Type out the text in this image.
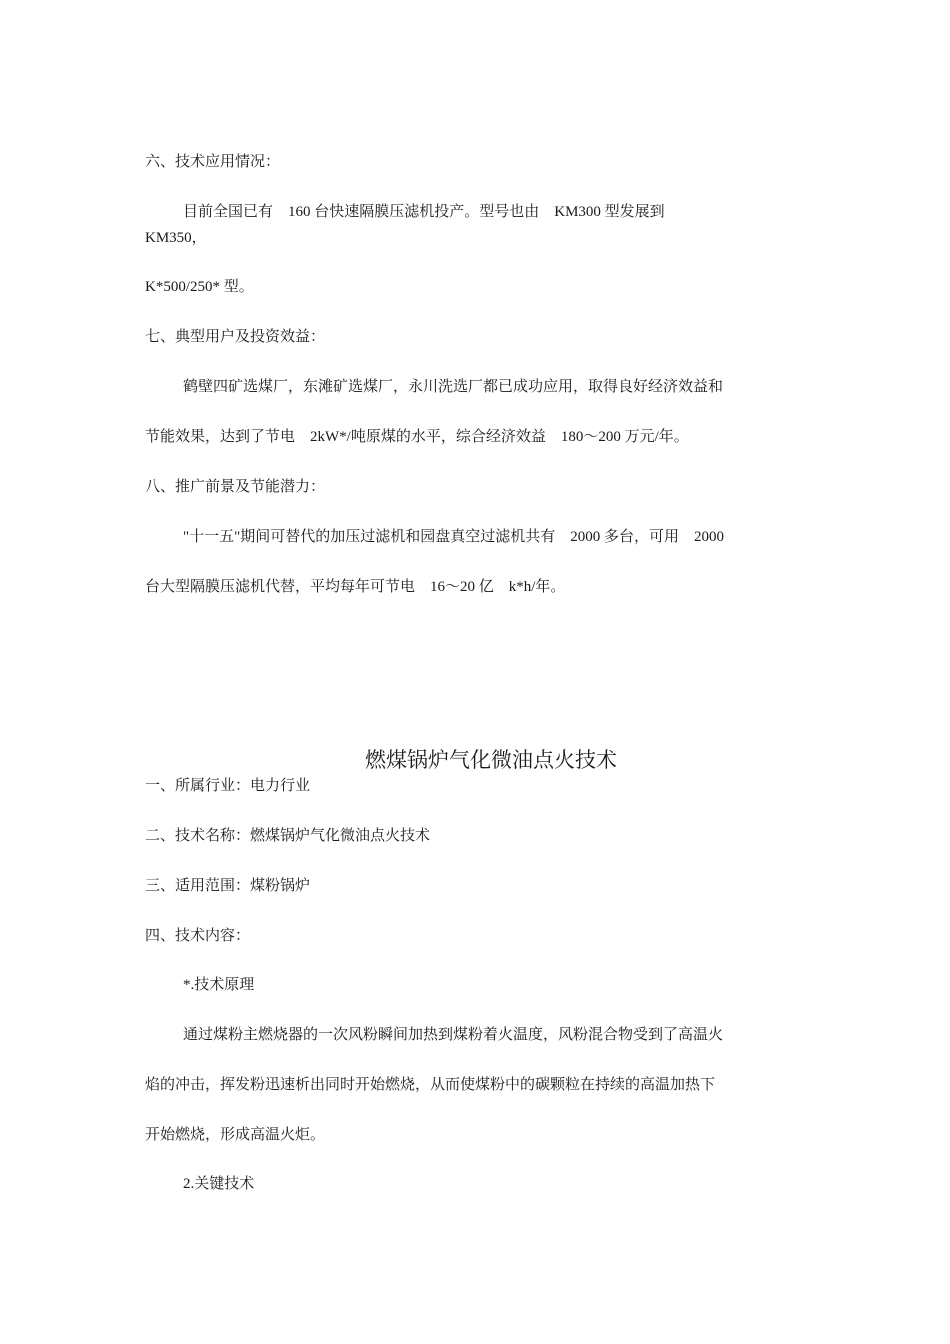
六、技术应用情况：
目前全国已有　160 台快速隔膜压滤机投产。型号也由　KM300 型发展到
KM350，
K*500/250* 型。
七、典型用户及投资效益：
鹤壁四矿选煤厂，东滩矿选煤厂，永川洗选厂都已成功应用，取得良好经济效益和
节能效果，达到了节电　2kW*/吨原煤的水平，综合经济效益　180～200 万元/年。
八、推广前景及节能潜力：
"十一五"期间可替代的加压过滤机和园盘真空过滤机共有　2000 多台，可用　2000
台大型隔膜压滤机代替，平均每年可节电　16～20 亿　k*h/年。
燃煤锅炉气化微油点火技术
一、所属行业：电力行业
二、技术名称：燃煤锅炉气化微油点火技术
三、适用范围：煤粉锅炉
四、技术内容：
*.技术原理
通过煤粉主燃烧器的一次风粉瞬间加热到煤粉着火温度，风粉混合物受到了高温火
焰的冲击，挥发粉迅速析出同时开始燃烧，从而使煤粉中的碳颗粒在持续的高温加热下
开始燃烧，形成高温火炬。
2.关键技术
